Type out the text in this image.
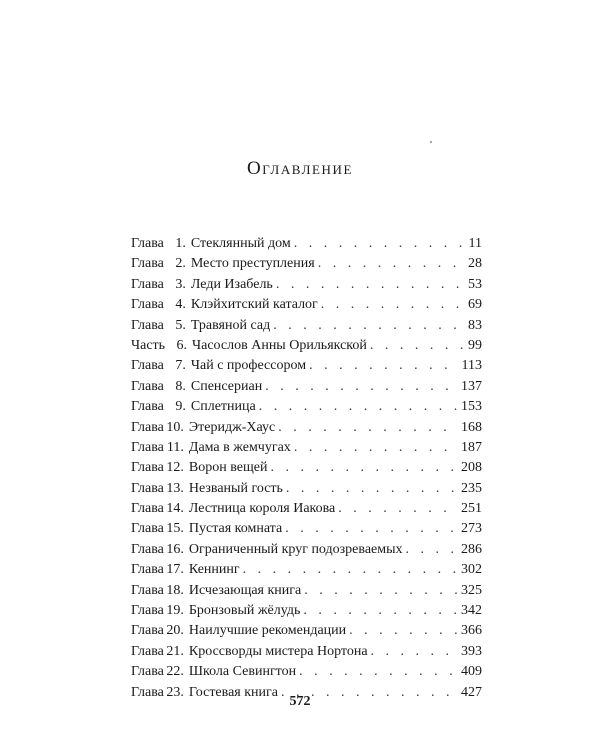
Оглавление
Глава 1. Стеклянный дом . . .	11
Глава 2. Место преступления . . .	28
Глава 3. Леди Изабель . . .	53
Глава 4. Клэйхитский каталог . . .	69
Глава 5. Травяной сад . . .	83
Часть 6. Часослов Анны Орильякской . . .	99
Глава 7. Чай с профессором . . .	113
Глава 8. Спенсериан . . .	137
Глава 9. Сплетница . . .	153
Глава 10. Этеридж-Хаус . . .	168
Глава 11. Дама в жемчугах . . .	187
Глава 12. Ворон вещей . . .	208
Глава 13. Незваный гость . . .	235
Глава 14. Лестница короля Иакова . . .	251
Глава 15. Пустая комната . . .	273
Глава 16. Ограниченный круг подозреваемых . . .	286
Глава 17. Кеннинг . . .	302
Глава 18. Исчезающая книга . . .	325
Глава 19. Бронзовый жёлудь . . .	342
Глава 20. Наилучшие рекомендации . . .	366
Глава 21. Кроссворды мистера Нортона . . .	393
Глава 22. Школа Севингтон . . .	409
Глава 23. Гостевая книга . . .	427
572
